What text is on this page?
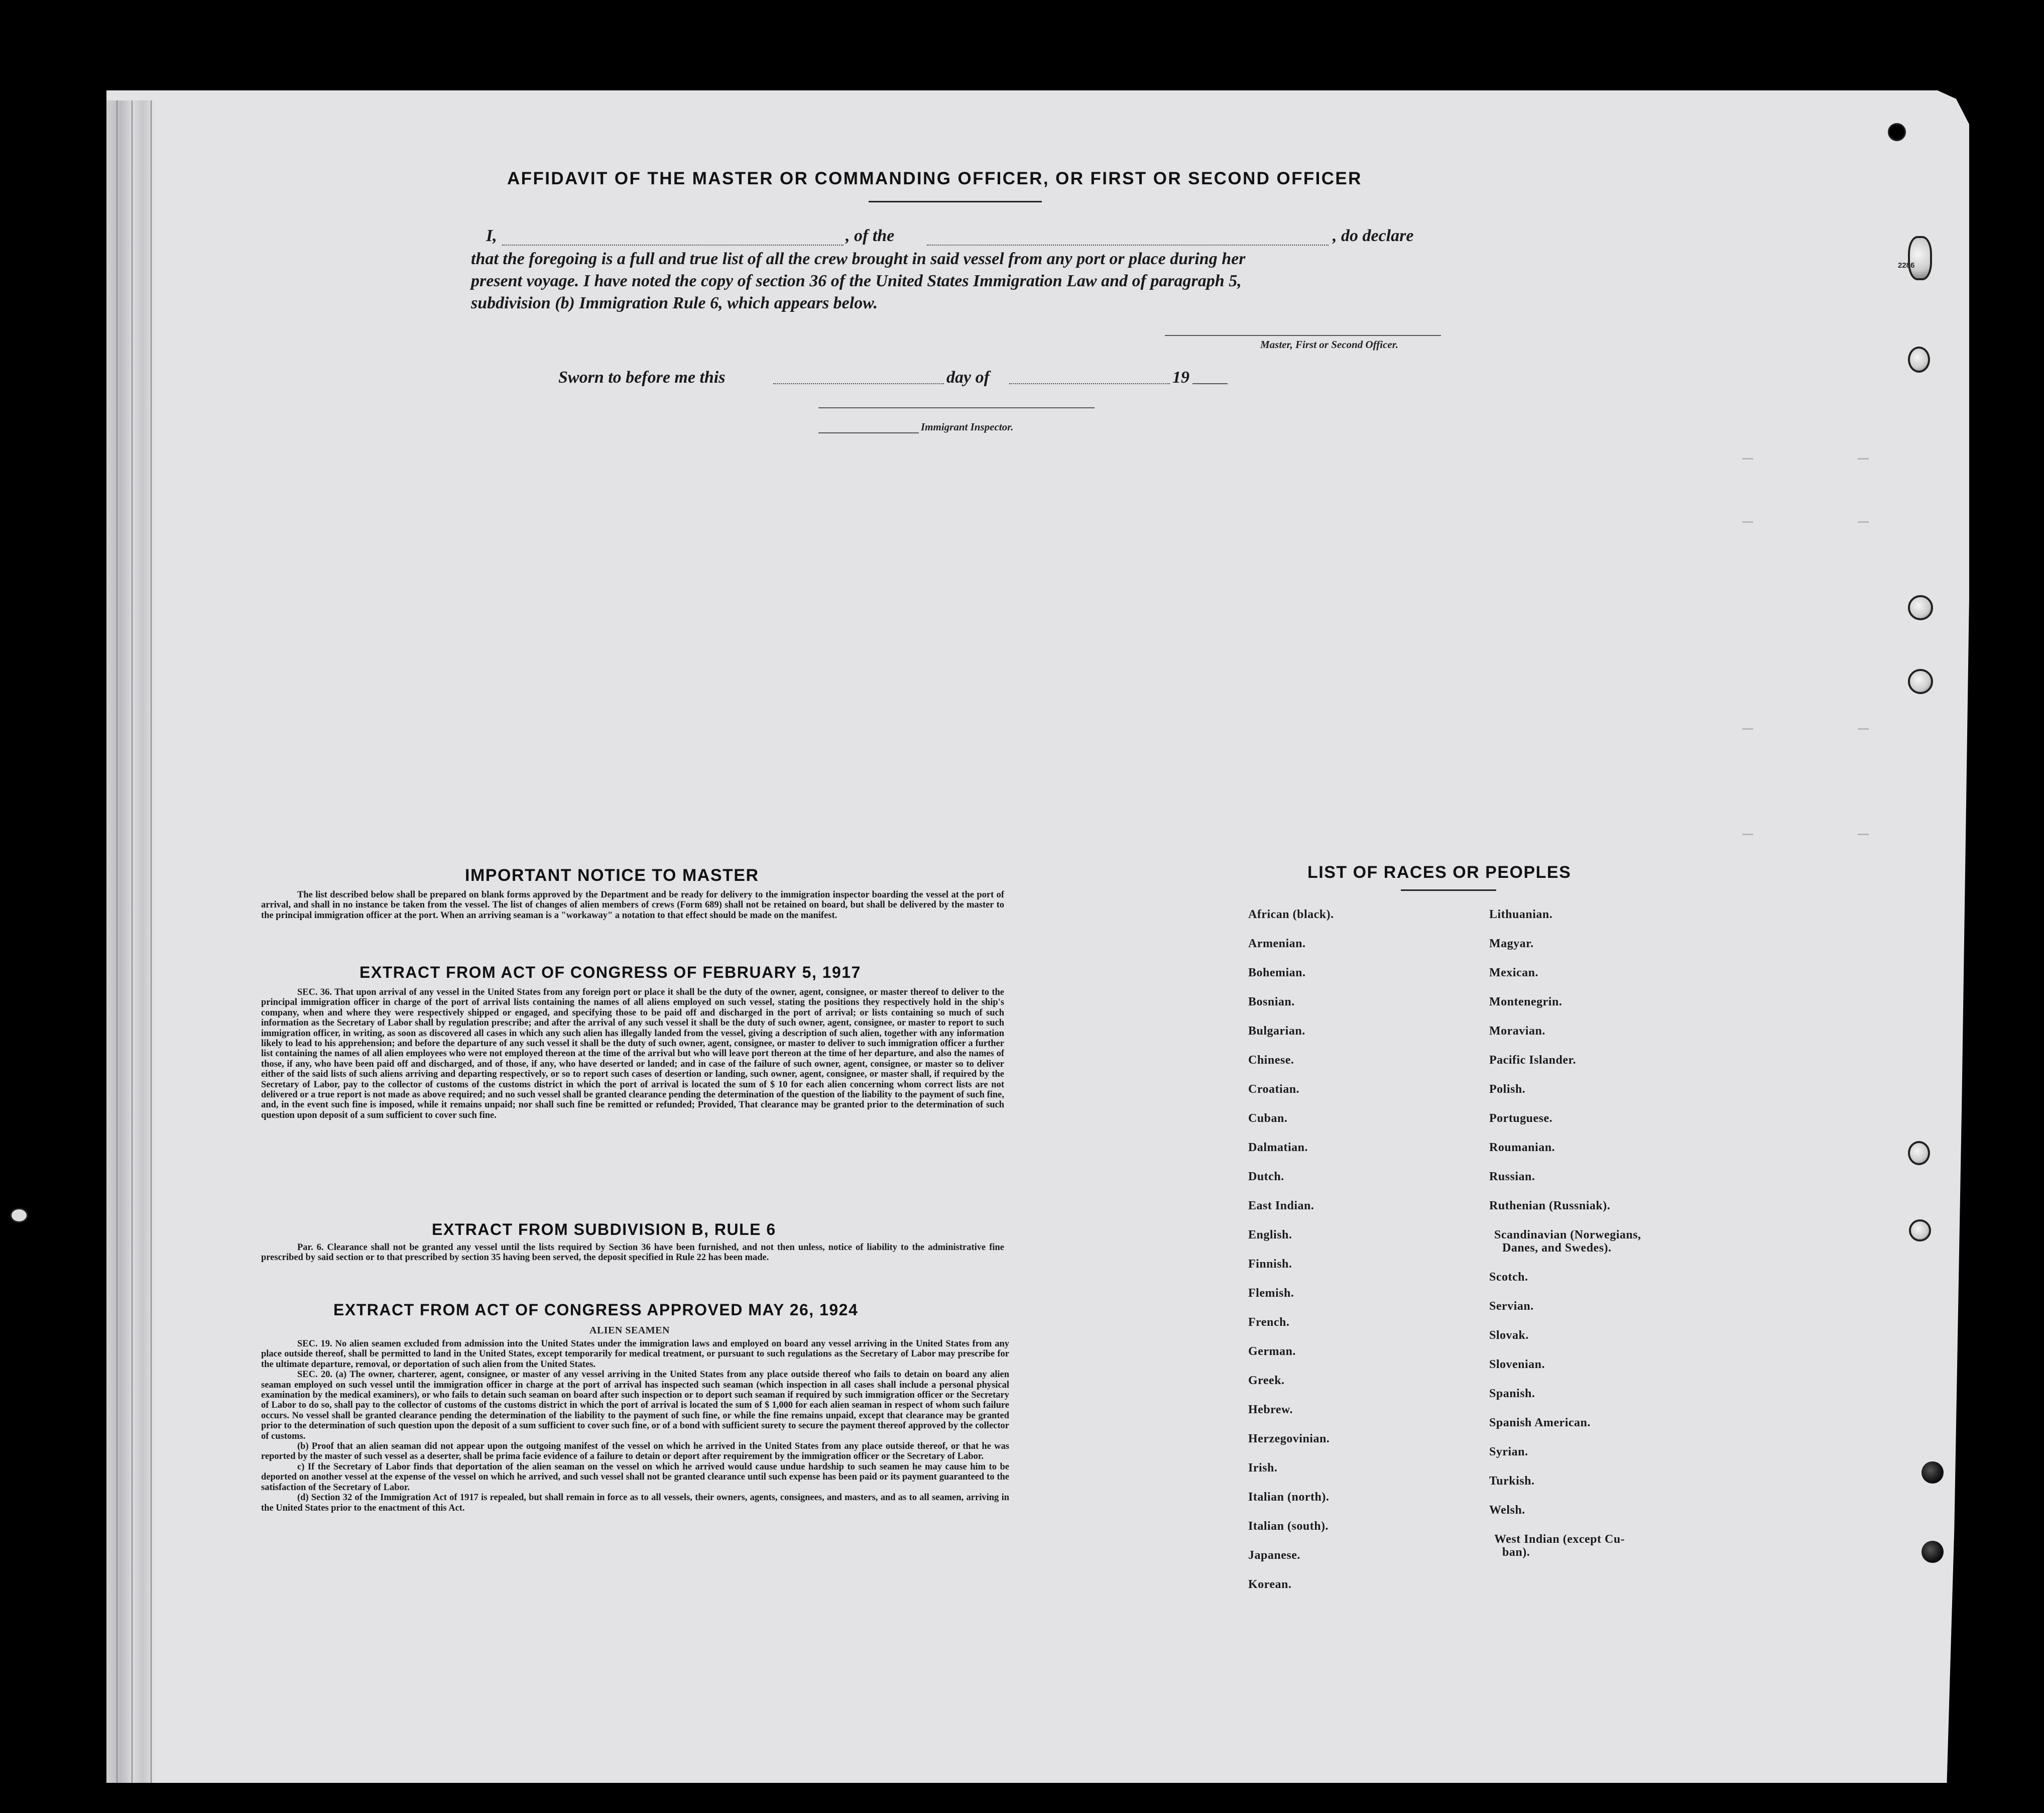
2286
AFFIDAVIT OF THE MASTER OR COMMANDING OFFICER, OR FIRST OR SECOND OFFICER
I,	, of the	, do declare
that the foregoing is a full and true list of all the crew brought in said vessel from any port or place during her
present voyage. I have noted the copy of section 36 of the United States Immigration Law and of paragraph 5,
subdivision (b) Immigration Rule 6, which appears below.
Master, First or Second Officer.
Sworn to before me this	day of	19
Immigrant Inspector.
IMPORTANT NOTICE TO MASTER

The list described below shall be prepared on blank forms approved by the Department and be ready for delivery to the immigration inspector boarding the vessel at the port of arrival, and shall in no instance be taken from the vessel. The list of changes of alien members of crews (Form 689) shall not be retained on board, but shall be delivered by the master to the principal immigration officer at the port. When an arriving seaman is a "workaway" a notation to that effect should be made on the manifest.

EXTRACT FROM ACT OF CONGRESS OF FEBRUARY 5, 1917

SEC. 36. That upon arrival of any vessel in the United States from any foreign port or place it shall be the duty of the owner, agent, consignee, or master thereof to deliver to the principal immigration officer in charge of the port of arrival lists containing the names of all aliens employed on such vessel, stating the positions they respectively hold in the ship's company, when and where they were respectively shipped or engaged, and specifying those to be paid off and discharged in the port of arrival; or lists containing so much of such information as the Secretary of Labor shall by regulation prescribe; and after the arrival of any such vessel it shall be the duty of such owner, agent, consignee, or master to report to such immigration officer, in writing, as soon as discovered all cases in which any such alien has illegally landed from the vessel, giving a description of such alien, together with any information likely to lead to his apprehension; and before the departure of any such vessel it shall be the duty of such owner, agent, consignee, or master to deliver to such immigration officer a further list containing the names of all alien employees who were not employed thereon at the time of the arrival but who will leave port thereon at the time of her departure, and also the names of those, if any, who have been paid off and discharged, and of those, if any, who have deserted or landed; and in case of the failure of such owner, agent, consignee, or master so to deliver either of the said lists of such aliens arriving and departing respectively, or so to report such cases of desertion or landing, such owner, agent, consignee, or master shall, if required by the Secretary of Labor, pay to the collector of customs of the customs district in which the port of arrival is located the sum of $ 10 for each alien concerning whom correct lists are not delivered or a true report is not made as above required; and no such vessel shall be granted clearance pending the determination of the question of the liability to the payment of such fine, and, in the event such fine is imposed, while it remains unpaid; nor shall such fine be remitted or refunded; Provided, That clearance may be granted prior to the determination of such question upon deposit of a sum sufficient to cover such fine.

EXTRACT FROM SUBDIVISION B, RULE 6

Par. 6. Clearance shall not be granted any vessel until the lists required by Section 36 have been furnished, and not then unless, notice of liability to the administrative fine prescribed by said section or to that prescribed by section 35 having been served, the deposit specified in Rule 22 has been made.

EXTRACT FROM ACT OF CONGRESS APPROVED MAY 26, 1924
ALIEN SEAMEN

SEC. 19. No alien seamen excluded from admission into the United States under the immigration laws and employed on board any vessel arriving in the United States from any place outside thereof, shall be permitted to land in the United States, except temporarily for medical treatment, or pursuant to such regulations as the Secretary of Labor may prescribe for the ultimate departure, removal, or deportation of such alien from the United States.

SEC. 20. (a) The owner, charterer, agent, consignee, or master of any vessel arriving in the United States from any place outside thereof who fails to detain on board any alien seaman employed on such vessel until the immigration officer in charge at the port of arrival has inspected such seaman (which inspection in all cases shall include a personal physical examination by the medical examiners), or who fails to detain such seaman on board after such inspection or to deport such seaman if required by such immigration officer or the Secretary of Labor to do so, shall pay to the collector of customs of the customs district in which the port of arrival is located the sum of $ 1,000 for each alien seaman in respect of whom such failure occurs. No vessel shall be granted clearance pending the determination of the liability to the payment of such fine, or while the fine remains unpaid, except that clearance may be granted prior to the determination of such question upon the deposit of a sum sufficient to cover such fine, or of a bond with sufficient surety to secure the payment thereof approved by the collector of customs.

(b) Proof that an alien seaman did not appear upon the outgoing manifest of the vessel on which he arrived in the United States from any place outside thereof, or that he was reported by the master of such vessel as a deserter, shall be prima facie evidence of a failure to detain or deport after requirement by the immigration officer or the Secretary of Labor.

c) If the Secretary of Labor finds that deportation of the alien seaman on the vessel on which he arrived would cause undue hardship to such seamen he may cause him to be deported on another vessel at the expense of the vessel on which he arrived, and such vessel shall not be granted clearance until such expense has been paid or its payment guaranteed to the satisfaction of the Secretary of Labor.

(d) Section 32 of the Immigration Act of 1917 is repealed, but shall remain in force as to all vessels, their owners, agents, consignees, and masters, and as to all seamen, arriving in the United States prior to the enactment of this Act.

LIST OF RACES OR PEOPLES
African (black).
Armenian.
Bohemian.
Bosnian.
Bulgarian.
Chinese.
Croatian.
Cuban.
Dalmatian.
Dutch.
East Indian.
English.
Finnish.
Flemish.
French.
German.
Greek.
Hebrew.
Herzegovinian.
Irish.
Italian (north).
Italian (south).
Japanese.
Korean.
Lithuanian.
Magyar.
Mexican.
Montenegrin.
Moravian.
Pacific Islander.
Polish.
Portuguese.
Roumanian.
Russian.
Ruthenian (Russniak).
Scandinavian (Norwegians,
Danes, and Swedes).
Scotch.
Servian.
Slovak.
Slovenian.
Spanish.
Spanish American.
Syrian.
Turkish.
Welsh.
West Indian (except Cu-
ban).
